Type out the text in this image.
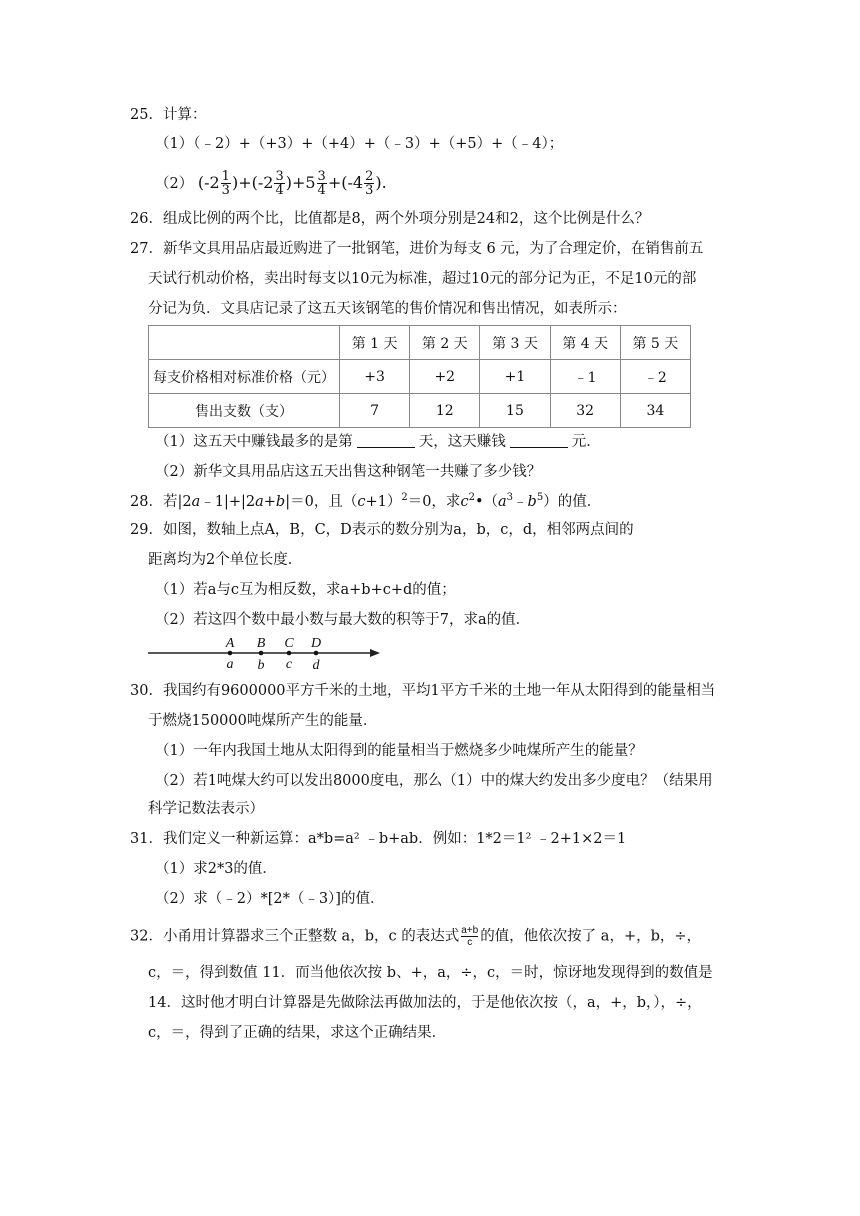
25．计算：
（1）（﹣2）+（+3）+（+4）+（﹣3）+（+5）+（﹣4）；
（2） $(-2 \frac{1}{3} )+(-2 \frac{3}{4} )+5 \frac{3}{4} +(-4 \frac{2}{3}$ ).
26．组成比例的两个比，比值都是8，两个外项分别是24和2，这个比例是什么？
27．新华文具用品店最近购进了一批钢笔，进价为每支 6 元，为了合理定价，在销售前五
天试行机动价格，卖出时每支以10元为标准，超过10元的部分记为正，不足10元的部
分记为负．文具店记录了这五天该钢笔的售价情况和售出情况，如表所示：
	第 1 天	第 2 天	第 3 天	第 4 天	第 5 天
每支价格相对标准价格（元）	+3	+2	+1	﹣1	﹣2
售出支数（支）	7	12	15	32	34
（1）这五天中赚钱最多的是第	天，这天赚钱	元．
（2）新华文具用品店这五天出售这种钢笔一共赚了多少钱？
28．若|2a﹣1|+|2a+b|＝0，且$(c+1)^2=0$，求$c^2•(a^3﹣b^5)$的值．
29．如图，数轴上点A，B，C，D表示的数分别为a，b，c，d，相邻两点间的
距离均为2个单位长度．
（1）若a与c互为相反数，求a+b+c+d的值；
（2）若这四个数中最小数与最大数的积等于7，求a的值．
A B C D
a b c d
30．我国约有9600000平方千米的土地，平均1平方千米的土地一年从太阳得到的能量相当
于燃烧150000吨煤所产生的能量．
（1）一年内我国土地从太阳得到的能量相当于燃烧多少吨煤所产生的能量？
（2）若1吨煤大约可以发出8000度电，那么（1）中的煤大约发出多少度电？（结果用
科学记数法表示）
31．我们定义一种新运算：a*b=a² ﹣b+ab．例如：1*2＝1² ﹣2+1×2＝1
（1）求2*3的值．
（2）求（﹣2）*[2*（﹣3）]的值．
32．小甬用计算器求三个正整数 a，b，c 的表达式 $\frac{a+b}{c}$ 的值，他依次按了 a，+，b，÷，
c，＝，得到数值 11．而当他依次按 b、+，a，÷，c，＝时，惊讶地发现得到的数值是
14．这时他才明白计算器是先做除法再做加法的，于是他依次按（，a，+，b，），÷，
c，＝，得到了正确的结果，求这个正确结果．
